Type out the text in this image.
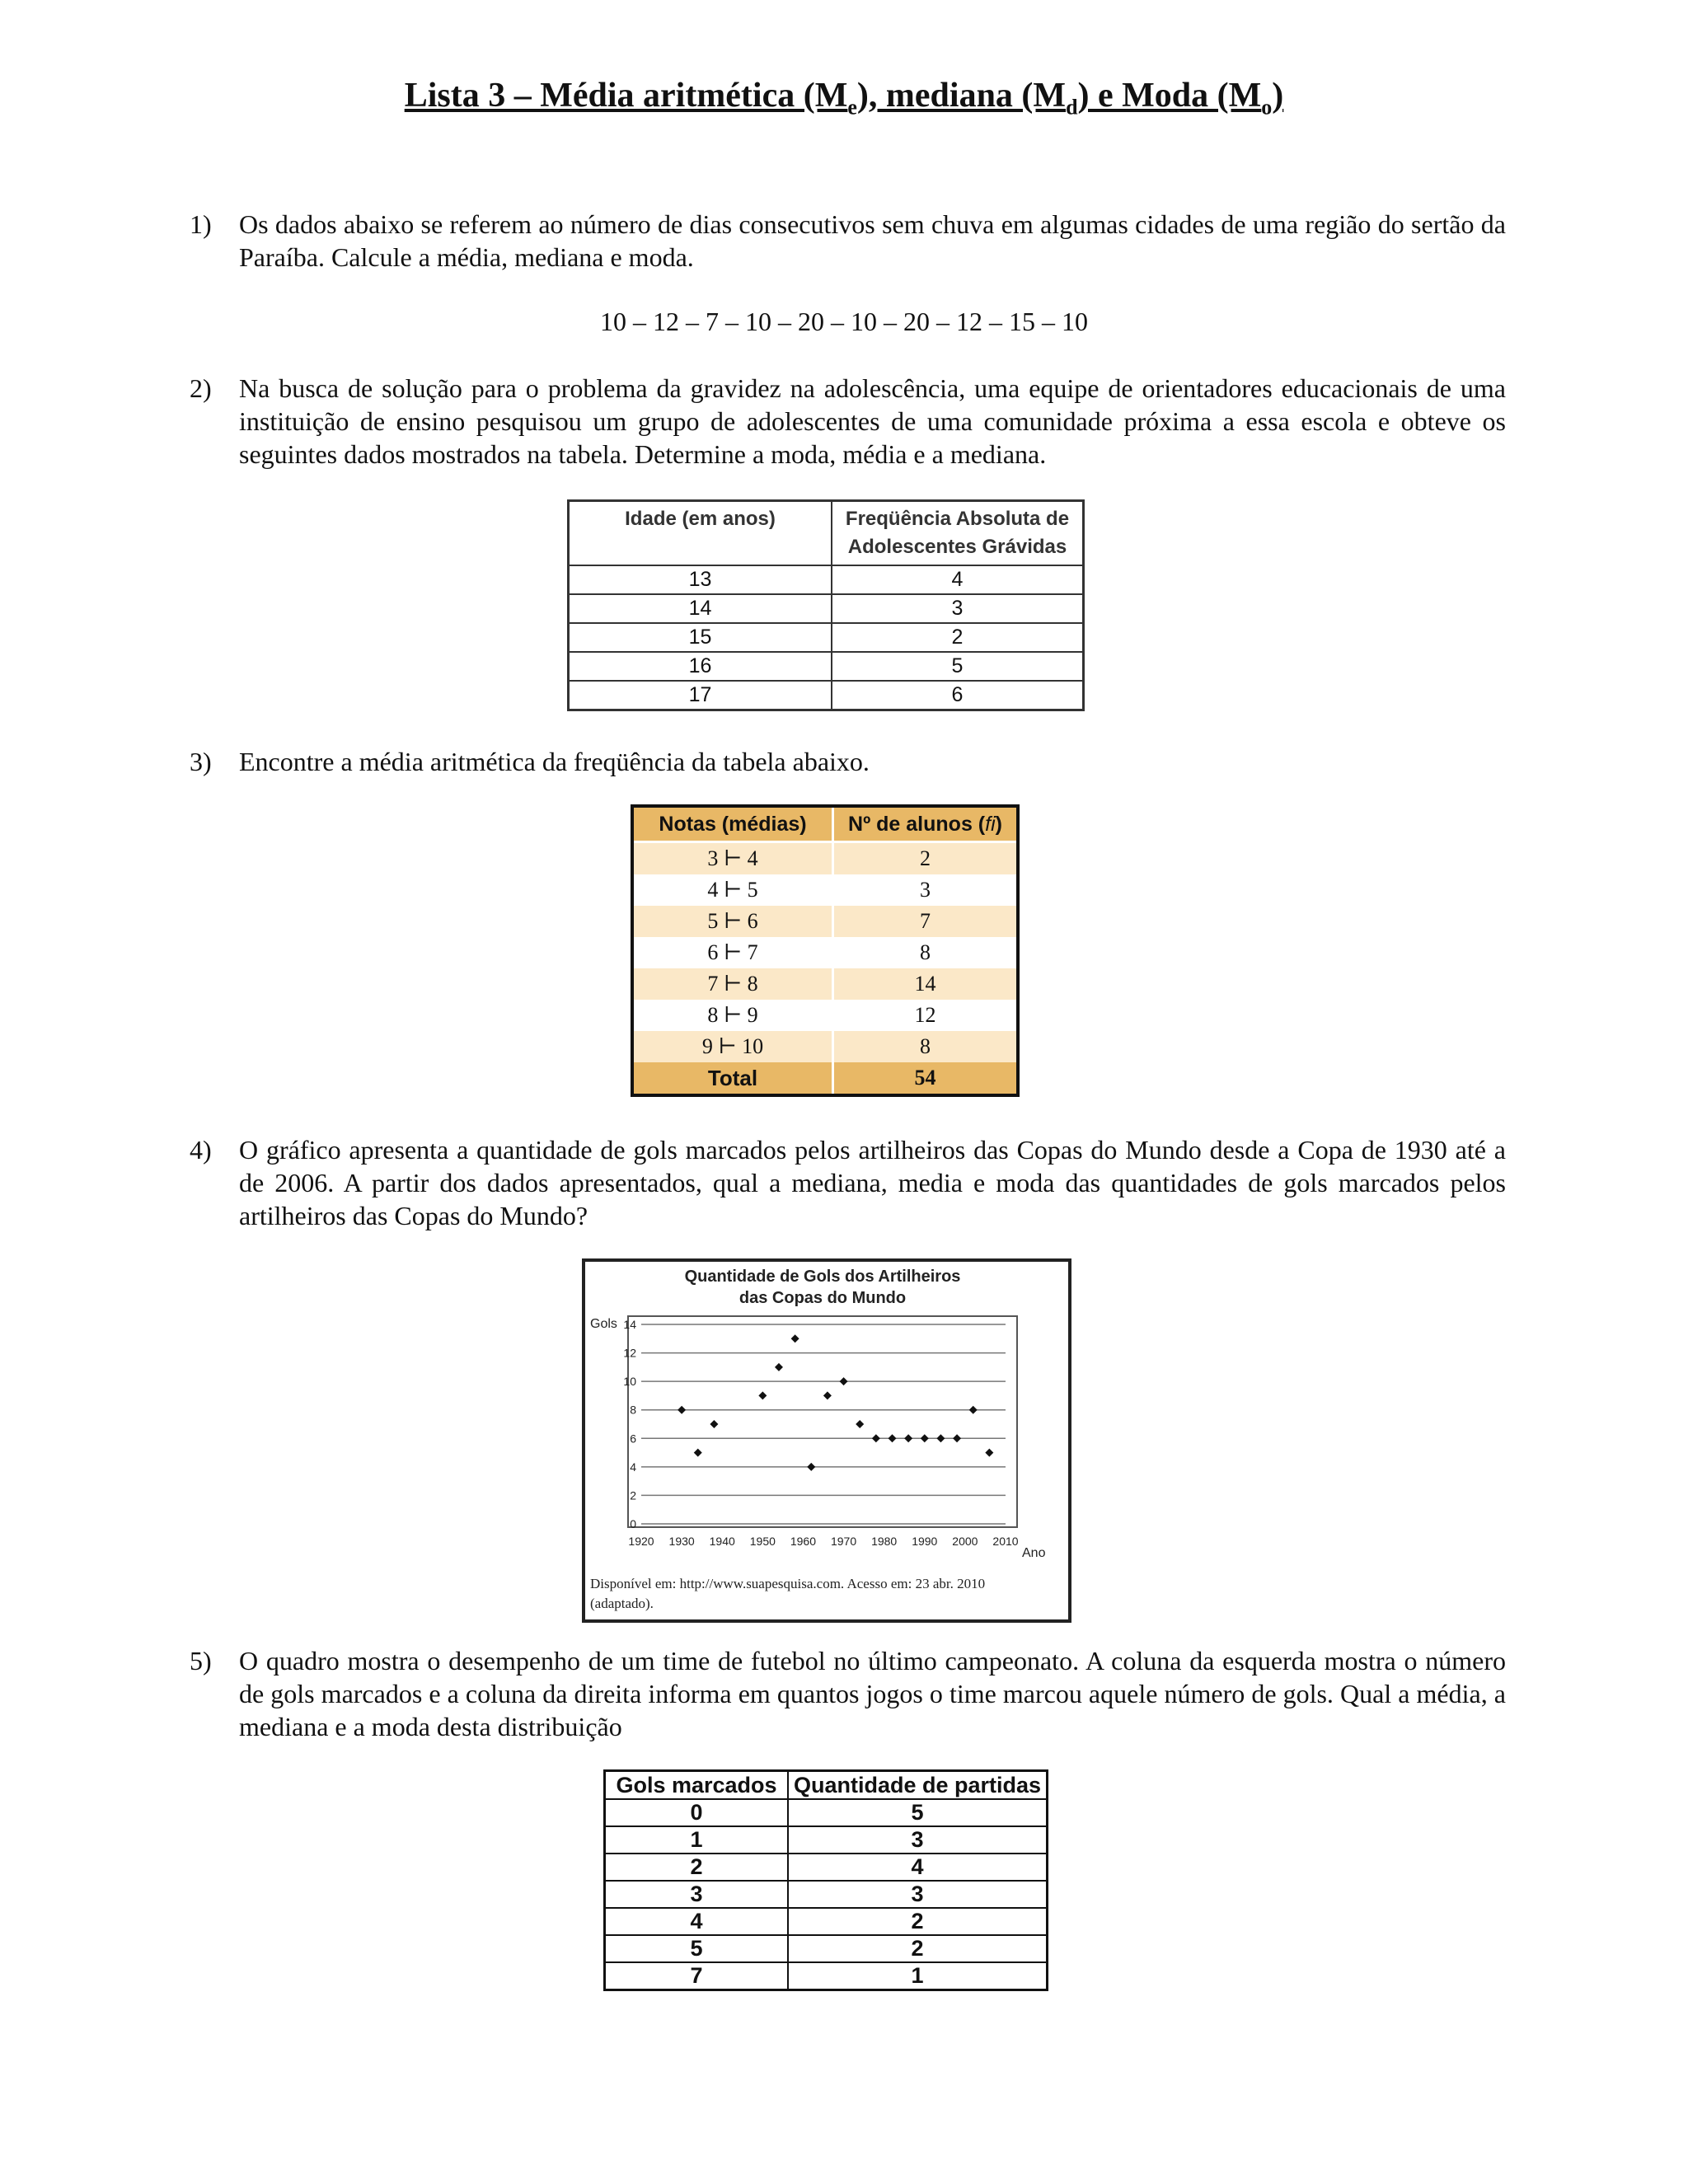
Lista 3 – Média aritmética $(M_e)$, mediana $(M_d)$ e Moda $(M_o)$
1) Os dados abaixo se referem ao número de dias consecutivos sem chuva em algumas cidades de uma região do sertão da Paraíba. Calcule a média, mediana e moda.
10 – 12 – 7 – 10 – 20 – 10 – 20 – 12 – 15 – 10
2) Na busca de solução para o problema da gravidez na adolescência, uma equipe de orientadores educacionais de uma instituição de ensino pesquisou um grupo de adolescentes de uma comunidade próxima a essa escola e obteve os seguintes dados mostrados na tabela. Determine a moda, média e a mediana.
Idade (em anos)	Freqüência Absoluta de
Adolescentes Grávidas
13	4
14	3
15	2
16	5
17	6
3) Encontre a média aritmética da freqüência da tabela abaixo.
Notas (médias)	Nº de alunos (fi)
3 ⊢ 4	2
4 ⊢ 5	3
5 ⊢ 6	7
6 ⊢ 7	8
7 ⊢ 8	14
8 ⊢ 9	12
9 ⊢ 10	8
Total	54
4) O gráfico apresenta a quantidade de gols marcados pelos artilheiros das Copas do Mundo desde a Copa de 1930 até a de 2006. A partir dos dados apresentados, qual a mediana, media e moda das quantidades de gols marcados pelos artilheiros das Copas do Mundo?
Quantidade de Gols dos Artilheiros
das Copas do Mundo
Gols
Ano
0
2
4
6
8
10
12
14
1920 1930 1940 1950 1960 1970 1980 1990 2000 2010
Disponível em: http://www.suapesquisa.com. Acesso em: 23 abr. 2010
(adaptado).
5) O quadro mostra o desempenho de um time de futebol no último campeonato. A coluna da esquerda mostra o número de gols marcados e a coluna da direita informa em quantos jogos o time marcou aquele número de gols. Qual a média, a mediana e a moda desta distribuição
Gols marcados	Quantidade de partidas
0	5
1	3
2	4
3	3
4	2
5	2
7	1
